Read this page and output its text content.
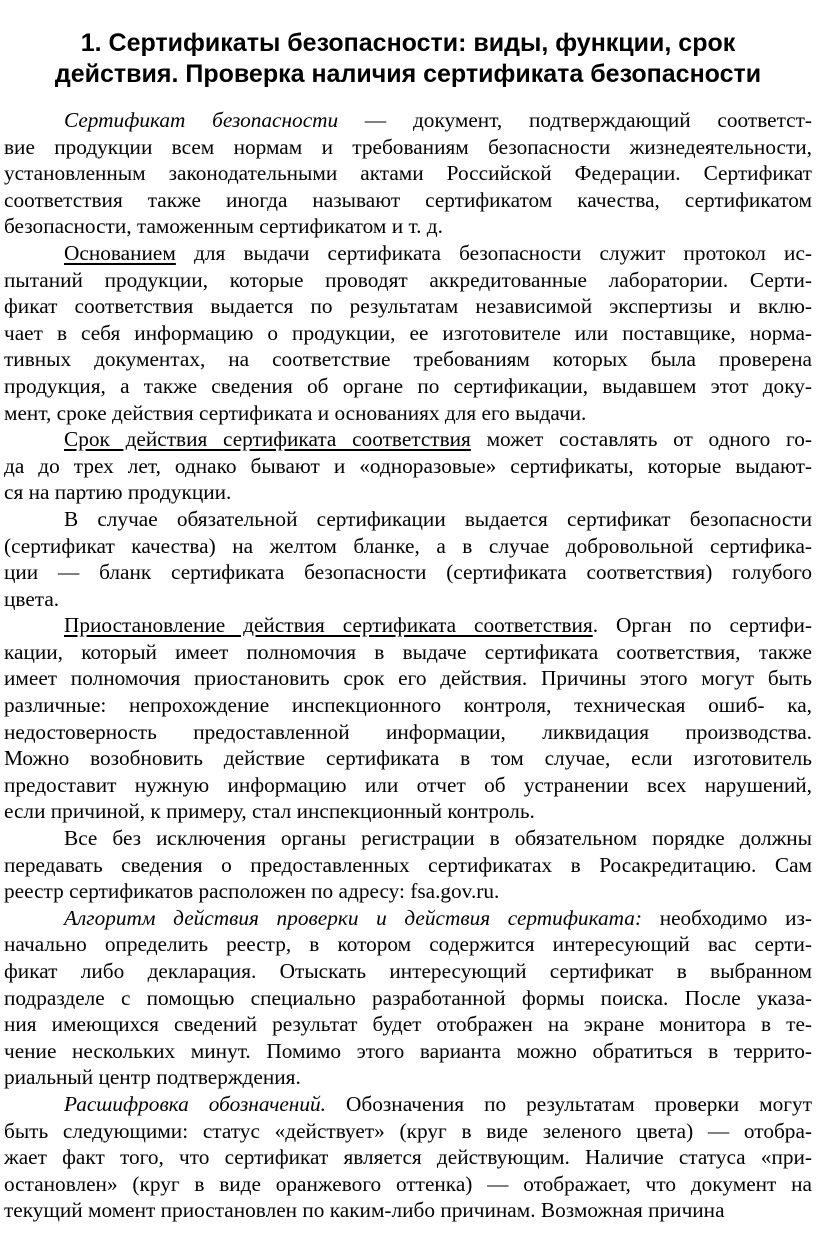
1. Сертификаты безопасности: виды, функции, срок
действия. Проверка наличия сертификата безопасности
Сертификат безопасности — документ, подтверждающий соответст-
вие продукции всем нормам и требованиям безопасности жизнедеятельности,
установленным законодательными актами Российской Федерации. Сертификат
соответствия также иногда называют сертификатом качества, сертификатом
безопасности, таможенным сертификатом и т. д.
Основанием для выдачи сертификата безопасности служит протокол ис-
пытаний продукции, которые проводят аккредитованные лаборатории. Серти-
фикат соответствия выдается по результатам независимой экспертизы и вклю-
чает в себя информацию о продукции, ее изготовителе или поставщике, норма-
тивных документах, на соответствие требованиям которых была проверена
продукция, а также сведения об органе по сертификации, выдавшем этот доку-
мент, сроке действия сертификата и основаниях для его выдачи.
Срок действия сертификата соответствия может составлять от одного го-
да до трех лет, однако бывают и «одноразовые» сертификаты, которые выдают-
ся на партию продукции.
В случае обязательной сертификации выдается сертификат безопасности
(сертификат качества) на желтом бланке, а в случае добровольной сертифика-
ции — бланк сертификата безопасности (сертификата соответствия) голубого
цвета.
Приостановление действия сертификата соответствия. Орган по сертифи-
кации, который имеет полномочия в выдаче сертификата соответствия, также
имеет полномочия приостановить срок его действия. Причины этого могут быть
различные: непрохождение инспекционного контроля, техническая ошиб- ка,
недостоверность предоставленной информации, ликвидация производства.
Можно возобновить действие сертификата в том случае, если изготовитель
предоставит нужную информацию или отчет об устранении всех нарушений,
если причиной, к примеру, стал инспекционный контроль.
Все без исключения органы регистрации в обязательном порядке должны
передавать сведения о предоставленных сертификатах в Росакредитацию. Сам
реестр сертификатов расположен по адресу: fsa.gov.ru.
Алгоритм действия проверки и действия сертификата: необходимо из-
начально определить реестр, в котором содержится интересующий вас серти-
фикат либо декларация. Отыскать интересующий сертификат в выбранном
подразделе с помощью специально разработанной формы поиска. После указа-
ния имеющихся сведений результат будет отображен на экране монитора в те-
чение нескольких минут. Помимо этого варианта можно обратиться в террито-
риальный центр подтверждения.
Расшифровка обозначений. Обозначения по результатам проверки могут
быть следующими: статус «действует» (круг в виде зеленого цвета) — отобра-
жает факт того, что сертификат является действующим. Наличие статуса «при-
остановлен» (круг в виде оранжевого оттенка) — отображает, что документ на
текущий момент приостановлен по каким-либо причинам. Возможная причина
